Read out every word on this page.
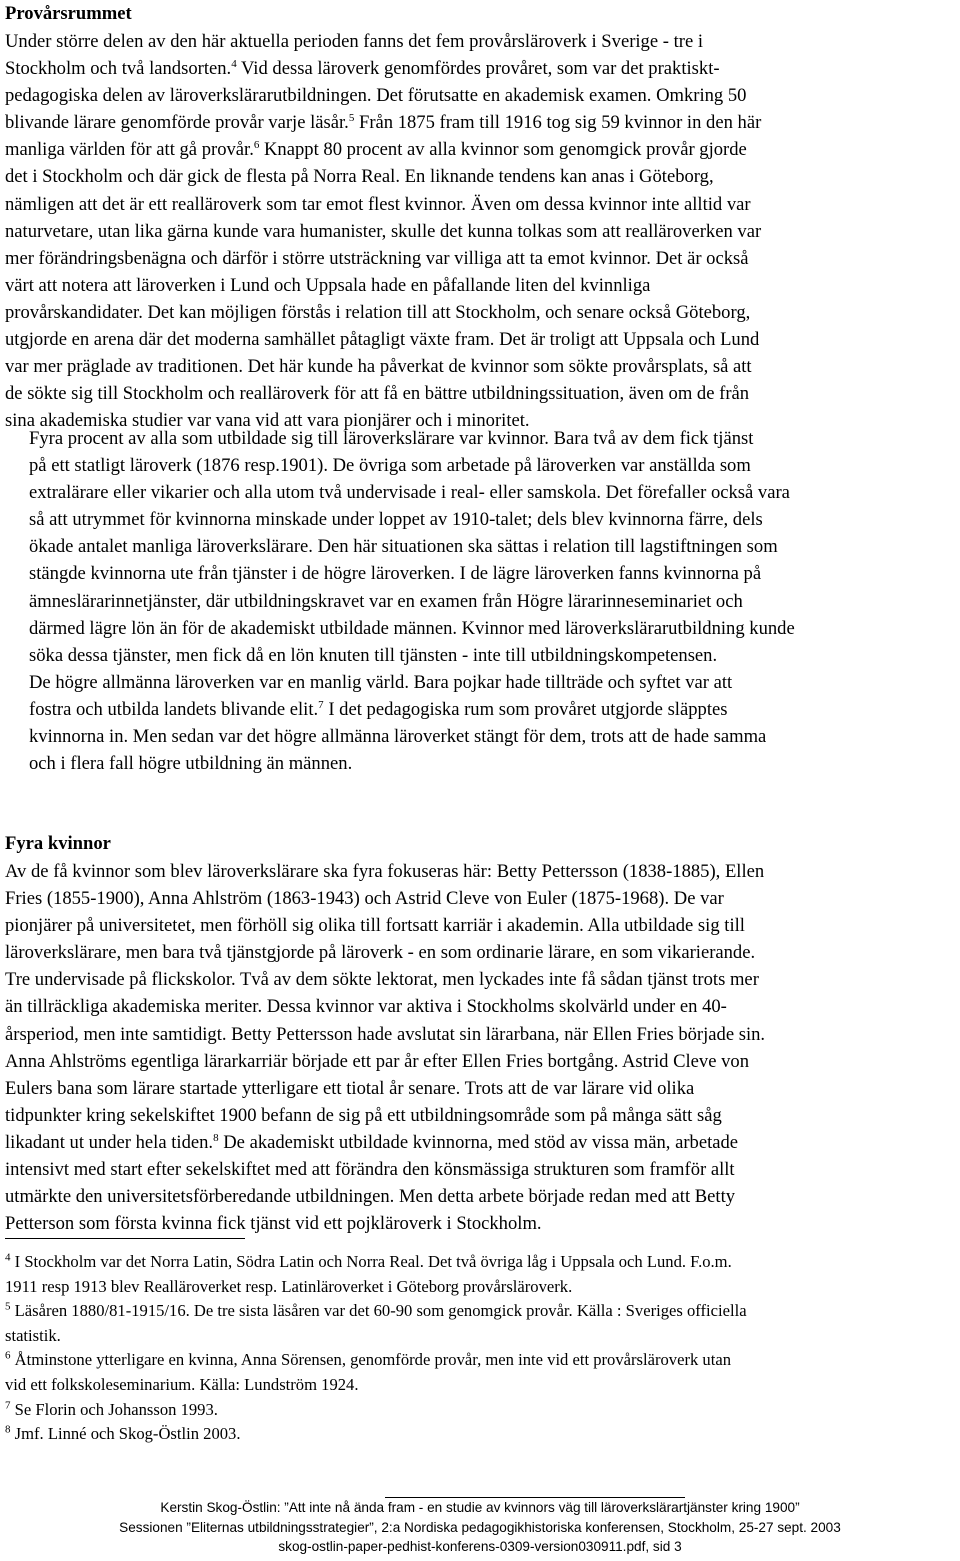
Provårsrummet
Under större delen av den här aktuella perioden fanns det fem provårsläroverk i Sverige - tre i
Stockholm och två landsorten.$^4$ Vid dessa läroverk genomfördes provåret, som var det praktiskt-
pedagogiska delen av läroverkslärarutbildningen. Det förutsatte en akademisk examen. Omkring 50
blivande lärare genomförde provår varje läsår.$^5$ Från 1875 fram till 1916 tog sig 59 kvinnor in den här
manliga världen för att gå provår.$^6$ Knappt 80 procent av alla kvinnor som genomgick provår gjorde
det i Stockholm och där gick de flesta på Norra Real. En liknande tendens kan anas i Göteborg,
nämligen att det är ett realläroverk som tar emot flest kvinnor. Även om dessa kvinnor inte alltid var
naturvetare, utan lika gärna kunde vara humanister, skulle det kunna tolkas som att realläroverken var
mer förändringsbenägna och därför i större utsträckning var villiga att ta emot kvinnor. Det är också
värt att notera att läroverken i Lund och Uppsala hade en påfallande liten del kvinnliga
provårskandidater. Det kan möjligen förstås i relation till att Stockholm, och senare också Göteborg,
utgjorde en arena där det moderna samhället påtagligt växte fram. Det är troligt att Uppsala och Lund
var mer präglade av traditionen. Det här kunde ha påverkat de kvinnor som sökte provårsplats, så att
de sökte sig till Stockholm och realläroverk för att få en bättre utbildningssituation, även om de från
sina akademiska studier var vana vid att vara pionjärer och i minoritet.
Fyra procent av alla som utbildade sig till läroverkslärare var kvinnor. Bara två av dem fick tjänst
på ett statligt läroverk (1876 resp.1901). De övriga som arbetade på läroverken var anställda som
extralärare eller vikarier och alla utom två undervisade i real- eller samskola. Det förefaller också vara
så att utrymmet för kvinnorna minskade under loppet av 1910-talet; dels blev kvinnorna färre, dels
ökade antalet manliga läroverkslärare. Den här situationen ska sättas i relation till lagstiftningen som
stängde kvinnorna ute från tjänster i de högre läroverken. I de lägre läroverken fanns kvinnorna på
ämneslärarinnetjänster, där utbildningskravet var en examen från Högre lärarinneseminariet och
därmed lägre lön än för de akademiskt utbildade männen. Kvinnor med läroverkslärarutbildning kunde
söka dessa tjänster, men fick då en lön knuten till tjänsten - inte till utbildningskompetensen.
De högre allmänna läroverken var en manlig värld. Bara pojkar hade tillträde och syftet var att
fostra och utbilda landets blivande elit.$^7$ I det pedagogiska rum som provåret utgjorde släpptes
kvinnorna in. Men sedan var det högre allmänna läroverket stängt för dem, trots att de hade samma
och i flera fall högre utbildning än männen.
Fyra kvinnor
Av de få kvinnor som blev läroverkslärare ska fyra fokuseras här: Betty Pettersson (1838-1885), Ellen
Fries (1855-1900), Anna Ahlström (1863-1943) och Astrid Cleve von Euler (1875-1968). De var
pionjärer på universitetet, men förhöll sig olika till fortsatt karriär i akademin. Alla utbildade sig till
läroverkslärare, men bara två tjänstgjorde på läroverk - en som ordinarie lärare, en som vikarierande.
Tre undervisade på flickskolor. Två av dem sökte lektorat, men lyckades inte få sådan tjänst trots mer
än tillräckliga akademiska meriter. Dessa kvinnor var aktiva i Stockholms skolvärld under en 40-
årsperiod, men inte samtidigt. Betty Pettersson hade avslutat sin lärarbana, när Ellen Fries började sin.
Anna Ahlströms egentliga lärarkarriär började ett par år efter Ellen Fries bortgång. Astrid Cleve von
Eulers bana som lärare startade ytterligare ett tiotal år senare. Trots att de var lärare vid olika
tidpunkter kring sekelskiftet 1900 befann de sig på ett utbildningsområde som på många sätt såg
likadant ut under hela tiden.$^8$ De akademiskt utbildade kvinnorna, med stöd av vissa män, arbetade
intensivt med start efter sekelskiftet med att förändra den könsmässiga strukturen som framför allt
utmärkte den universitetsförberedande utbildningen. Men detta arbete började redan med att Betty
Petterson som första kvinna fick tjänst vid ett pojkläroverk i Stockholm.
$^4$ I Stockholm var det Norra Latin, Södra Latin och Norra Real. Det två övriga låg i Uppsala och Lund. F.o.m.
1911 resp 1913 blev Realläroverket resp. Latinläroverket i Göteborg provårsläroverk.
$^5$ Läsåren 1880/81-1915/16. De tre sista läsåren var det 60-90 som genomgick provår. Källa : Sveriges officiella
statistik.
$^6$ Åtminstone ytterligare en kvinna, Anna Sörensen, genomförde provår, men inte vid ett provårsläroverk utan
vid ett folkskoleseminarium. Källa: Lundström 1924.
$^7$ Se Florin och Johansson 1993.
$^8$ Jmf. Linné och Skog-Östlin 2003.
Kerstin Skog-Östlin: ”Att inte nå ända fram - en studie av kvinnors väg till läroverkslärartjänster kring 1900”
Sessionen ”Eliternas utbildningsstrategier”, 2:a Nordiska pedagogikhistoriska konferensen, Stockholm, 25-27 sept. 2003
skog-ostlin-paper-pedhist-konferens-0309-version030911.pdf, sid 3
